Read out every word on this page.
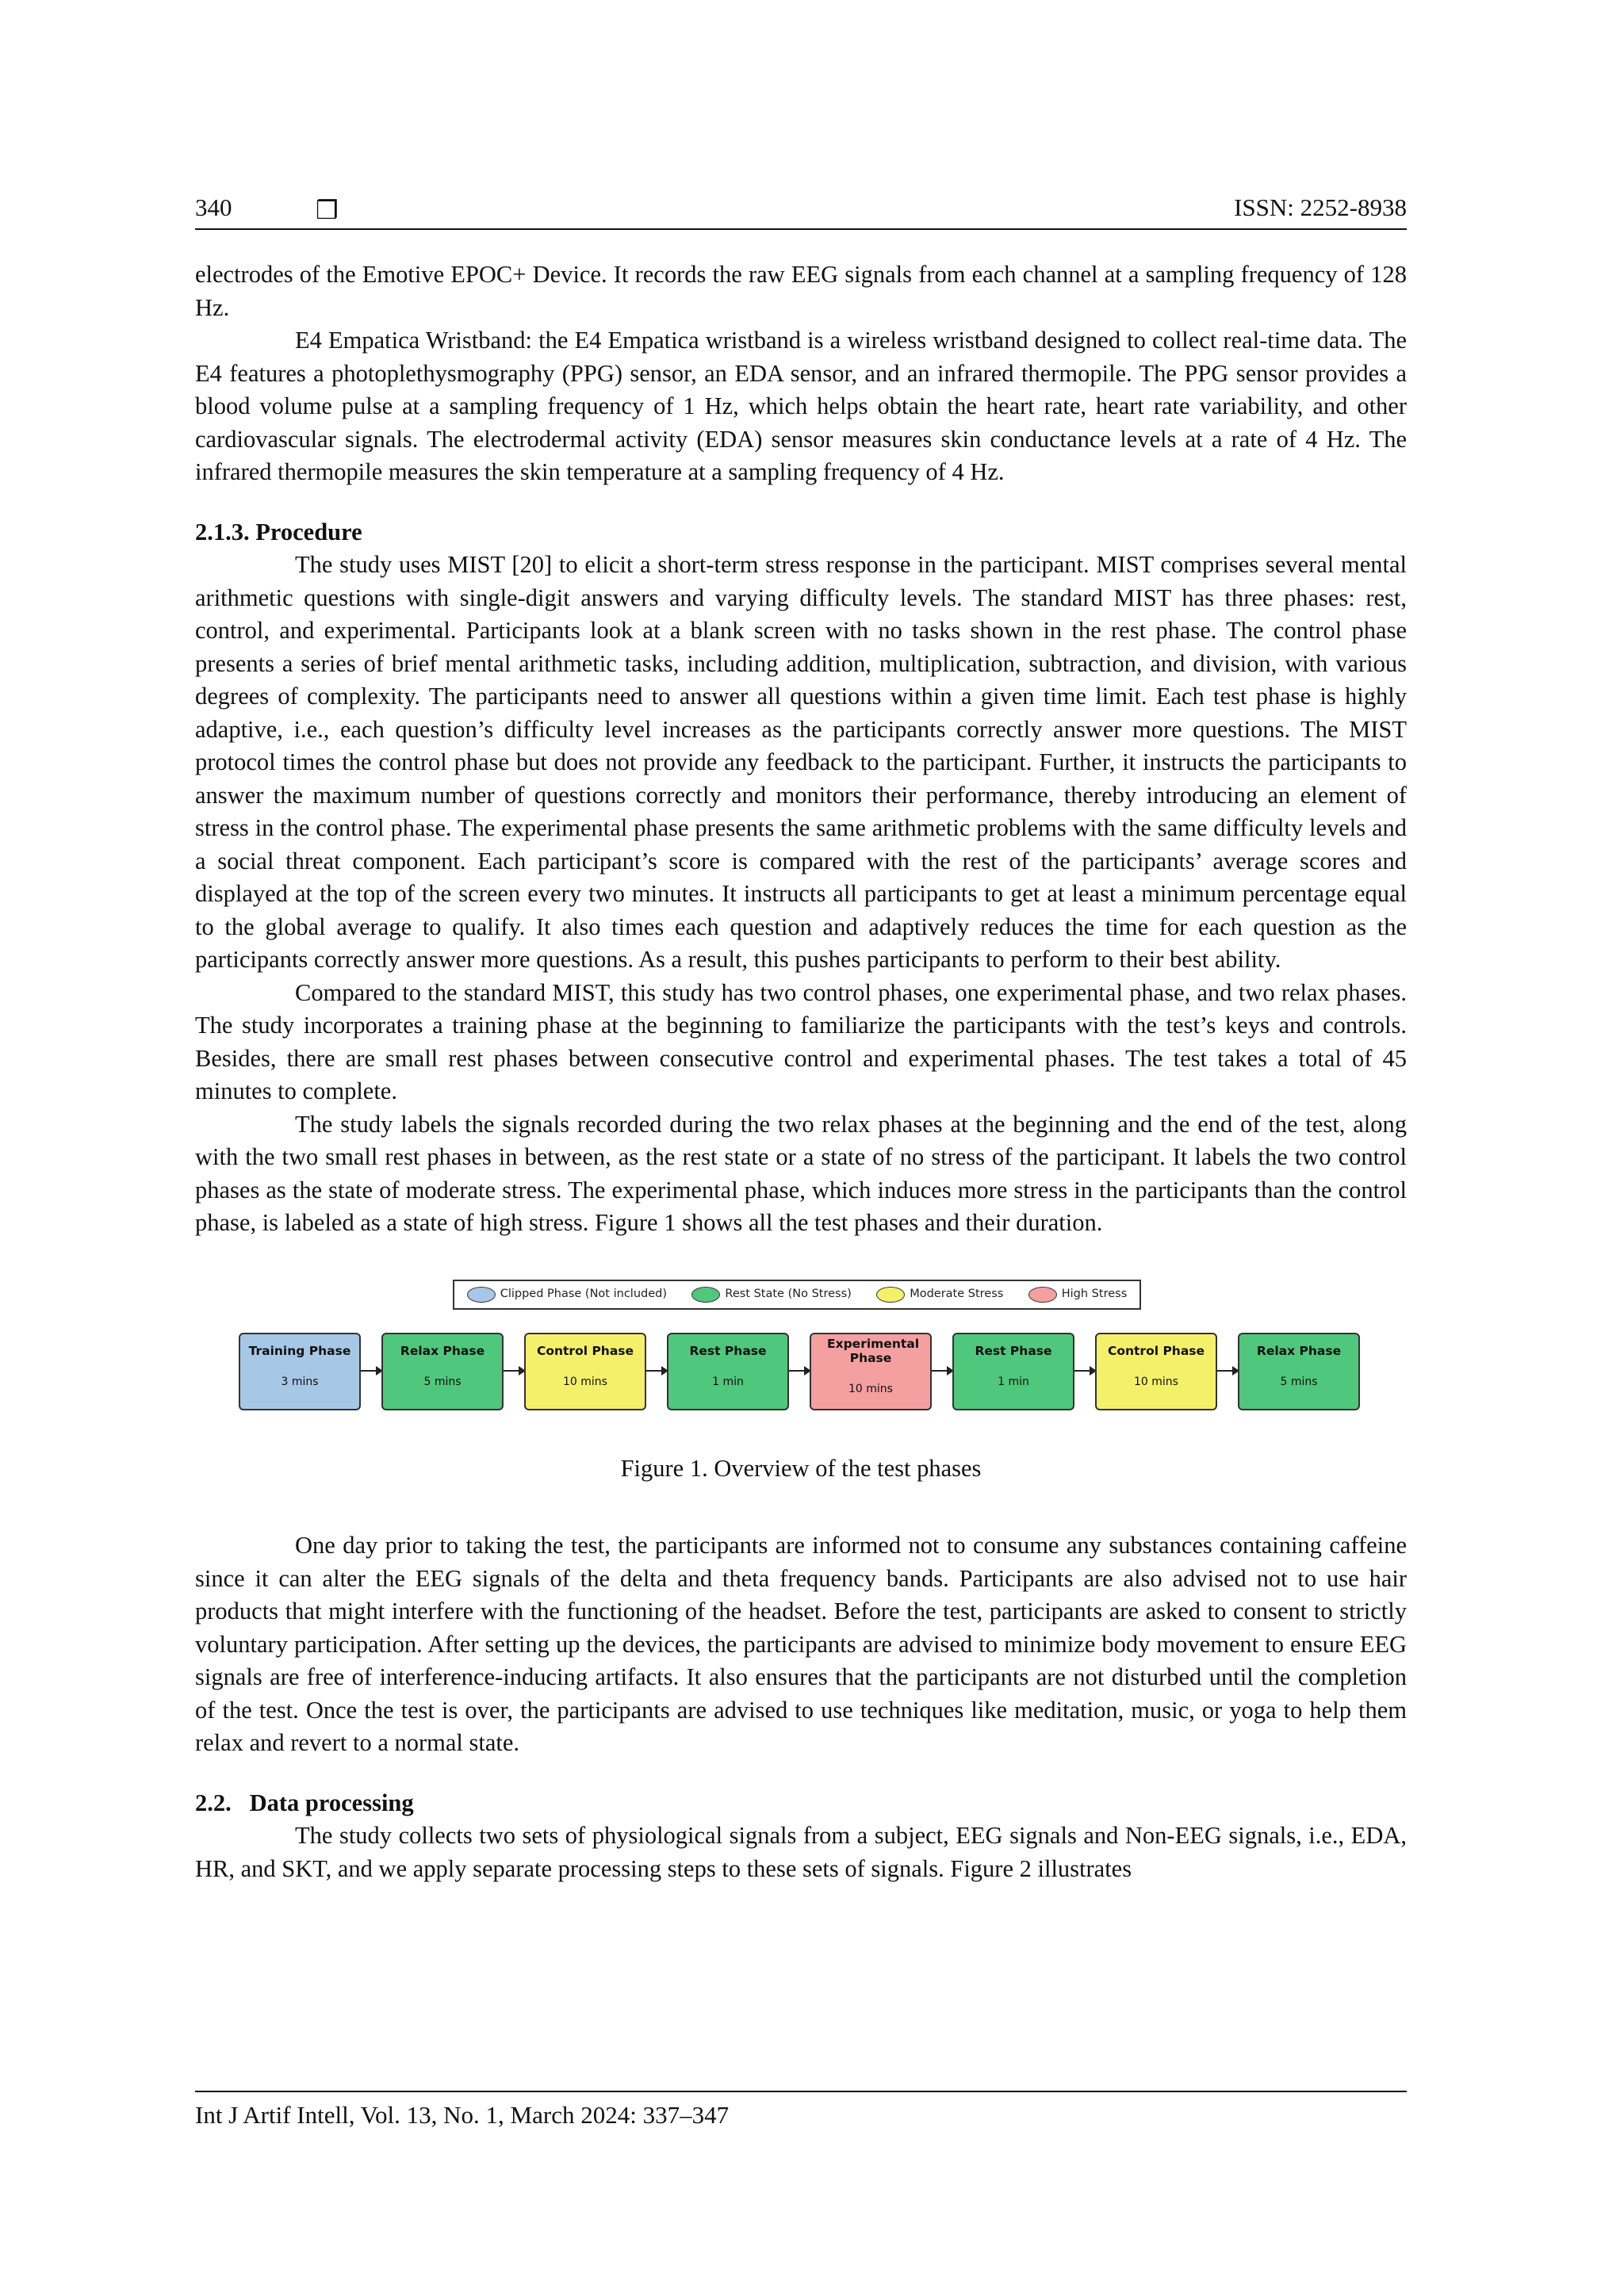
340	❒	ISSN: 2252-8938

electrodes of the Emotive EPOC+ Device. It records the raw EEG signals from each channel at a sampling frequency of 128 Hz.

E4 Empatica Wristband: the E4 Empatica wristband is a wireless wristband designed to collect real-time data. The E4 features a photoplethysmography (PPG) sensor, an EDA sensor, and an infrared thermopile. The PPG sensor provides a blood volume pulse at a sampling frequency of 1 Hz, which helps obtain the heart rate, heart rate variability, and other cardiovascular signals. The electrodermal activity (EDA) sensor measures skin conductance levels at a rate of 4 Hz. The infrared thermopile measures the skin temperature at a sampling frequency of 4 Hz.

2.1.3. Procedure

The study uses MIST [20] to elicit a short-term stress response in the participant. MIST comprises several mental arithmetic questions with single-digit answers and varying difficulty levels. The standard MIST has three phases: rest, control, and experimental. Participants look at a blank screen with no tasks shown in the rest phase. The control phase presents a series of brief mental arithmetic tasks, including addition, multiplication, subtraction, and division, with various degrees of complexity. The participants need to answer all questions within a given time limit. Each test phase is highly adaptive, i.e., each question’s difficulty level increases as the participants correctly answer more questions. The MIST protocol times the control phase but does not provide any feedback to the participant. Further, it instructs the participants to answer the maximum number of questions correctly and monitors their performance, thereby introducing an element of stress in the control phase. The experimental phase presents the same arithmetic problems with the same difficulty levels and a social threat component. Each participant’s score is compared with the rest of the participants’ average scores and displayed at the top of the screen every two minutes. It instructs all participants to get at least a minimum percentage equal to the global average to qualify. It also times each question and adaptively reduces the time for each question as the participants correctly answer more questions. As a result, this pushes participants to perform to their best ability.

Compared to the standard MIST, this study has two control phases, one experimental phase, and two relax phases. The study incorporates a training phase at the beginning to familiarize the participants with the test’s keys and controls. Besides, there are small rest phases between consecutive control and experimental phases. The test takes a total of 45 minutes to complete.

The study labels the signals recorded during the two relax phases at the beginning and the end of the test, along with the two small rest phases in between, as the rest state or a state of no stress of the participant. It labels the two control phases as the state of moderate stress. The experimental phase, which induces more stress in the participants than the control phase, is labeled as a state of high stress. Figure 1 shows all the test phases and their duration.

Clipped Phase (Not included)	Rest State (No Stress)	Moderate Stress	High Stress
Training Phase
3 mins
Relax Phase
5 mins
Control Phase
10 mins
Rest Phase
1 min
Experimental Phase
10 mins
Rest Phase
1 min
Control Phase
10 mins
Relax Phase
5 mins

Figure 1. Overview of the test phases

One day prior to taking the test, the participants are informed not to consume any substances containing caffeine since it can alter the EEG signals of the delta and theta frequency bands. Participants are also advised not to use hair products that might interfere with the functioning of the headset. Before the test, participants are asked to consent to strictly voluntary participation. After setting up the devices, the participants are advised to minimize body movement to ensure EEG signals are free of interference-inducing artifacts. It also ensures that the participants are not disturbed until the completion of the test. Once the test is over, the participants are advised to use techniques like meditation, music, or yoga to help them relax and revert to a normal state.

2.2.   Data processing

The study collects two sets of physiological signals from a subject, EEG signals and Non-EEG signals, i.e., EDA, HR, and SKT, and we apply separate processing steps to these sets of signals. Figure 2 illustrates

Int J Artif Intell, Vol. 13, No. 1, March 2024: 337–347
